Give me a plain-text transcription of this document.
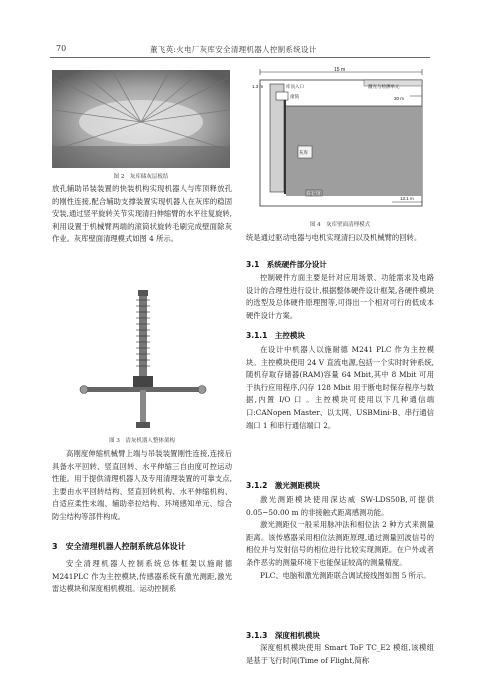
70	董飞英:火电厂灰库安全清理机器人控制系统设计
图 2　灰库储灰层板结

放孔辅助吊装装置的快装机构实现机器人与库顶释放孔的刚性连接,配合辅助支撑装置实现机器人在灰库的稳固安装,通过竖平旋转关节实现清扫伸缩臂的水平往复旋转,利用设置于机械臂两端的滚筒状旋转毛刷完成壁面除灰作业。灰库壁面清理模式如图 4 所示。

图 3　清灰机器人整体架构

高刚度伸缩机械臂上端与吊装装置刚性连接,连接后具备水平回转、竖直回转、水平伸缩三自由度可控运动性能。用于提供清理机器人及专用清理装置的可靠支点,主要由水平回转结构、竖直回转机构、水平伸缩机构、自适应柔性末端、辅助牵拉结构、环境感知单元、综合防尘结构等部件构成。

3　安全清理机器人控制系统总体设计

安全清理机器人控制系统总体框架以施耐德 M241PLC 作为主控模块,传感器系统有激光测距,激光雷达模块和深度相机模组。运动控制系

15 m
1.3 m	库顶入口
滚筒
激光与检测单元
30 m
灰库
出灰口
13.1 m
图 4　灰库壁面清理模式

统是通过驱动电器与电机实现清扫以及机械臂的回转。

3.1　系统硬件部分设计

控制硬件方面主要是针对应用场景、功能需求及电路设计的合理性进行设计,根据整体硬件设计框架,各硬件模块的选型及总体硬件原理图等,可得出一个相对可行的低成本硬件设计方案。

3.1.1　主控模块

在设计中机器人以施耐德 M241 PLC 作为主控模块。主控模块使用 24 V 直流电源,包括一个实时时钟系统,随机存取存储器(RAM)容量 64 Mbit,其中 8 Mbit 可用于执行应用程序,闪存 128 Mbit 用于断电时保存程序与数据,内置 I/O 口 。主控模块可使用以下几种通信端口:CANopen Master、以太网、USBMini-B、串行通信端口 1 和串行通信端口 2。

3.1.2　激光测距模块

激光测距模块使用深达威 SW-LDS50B,可提供 0.05~50.00 m 的非接触式距离感测功能。

激光测距仪一般采用脉冲法和相位法 2 种方式来测量距离。该传感器采用相位法测距原理,通过测量回波信号的相位并与发射信号的相位进行比较实现测距。在户外或者条件恶劣的测量环境下也能保证较高的测量精度。

PLC、电脑和激光测距联合调试接线图如图 5 所示。

3.1.3　深度相机模块

深度相机模块使用 Smart ToF TC_E2 模组,该模组是基于飞行时间(Time of Flight,简称
